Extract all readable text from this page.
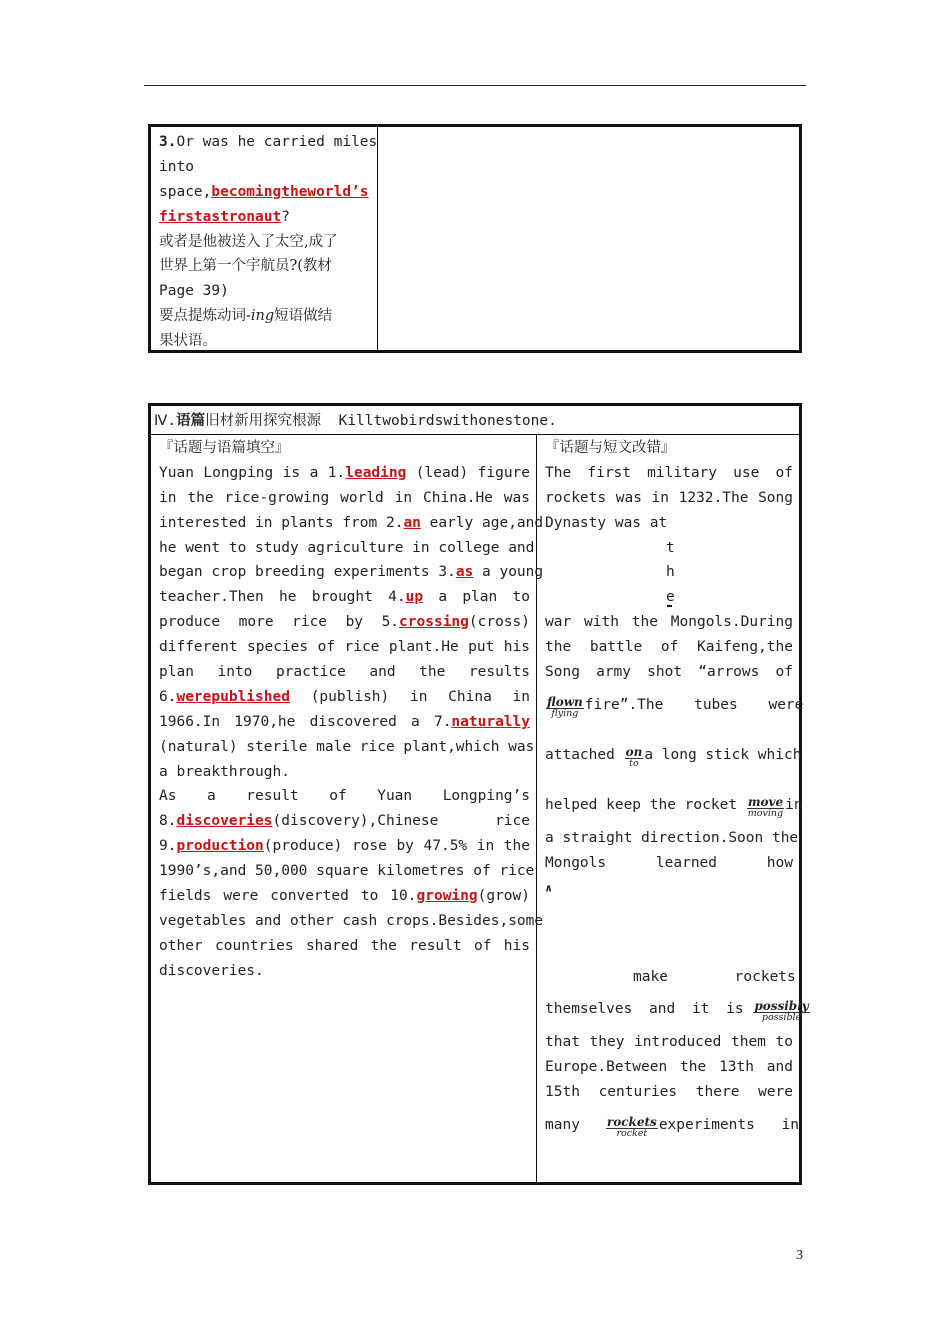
3.Or was he carried miles
into
space,becomingtheworld’s
firstastronaut?
或者是他被送入了太空,成了
世界上第一个宇航员?(教材
Page 39)
要点提炼动词-ing短语做结
果状语。
Ⅳ.语篇旧材新用探究根源 Killtwobirdswithonestone.
『话题与语篇填空』
Yuan Longping is a 1.leading (lead) figure
in the rice-growing world in China.He was
interested in plants from 2.an early age,and
he went to study agriculture in college and
began crop breeding experiments 3.as a young
teacher.Then he brought 4.up a plan to
produce more rice by 5.crossing(cross)
different species of rice plant.He put his
plan into practice and the results
6.werepublished (publish) in China in
1966.In 1970,he discovered a 7.naturally
(natural) sterile male rice plant,which was
a breakthrough.
As a result of Yuan Longping’s
8.discoveries(discovery),Chinese rice
9.production(produce) rose by 47.5% in the
1990’s,and 50,000 square kilometres of rice
fields were converted to 10.growing(grow)
vegetables and other cash crops.Besides,some
other countries shared the result of his
discoveries.
『话题与短文改错』
The first military use of
rockets was in 1232.The Song
Dynasty was at
t
h
e
war with the Mongols.During
the battle of Kaifeng,the
Song army shot “arrows of
flown
flying
fire”.The tubes were
attached on
to
a long stick which
helped keep the rocket move
moving
in
a straight direction.Soon the
Mongols learned how
∧
make rockets
themselves and it is possibly
possible
that they introduced them to
Europe.Between the 13th and
15th centuries there were
many rockets
rocket
experiments in
3
